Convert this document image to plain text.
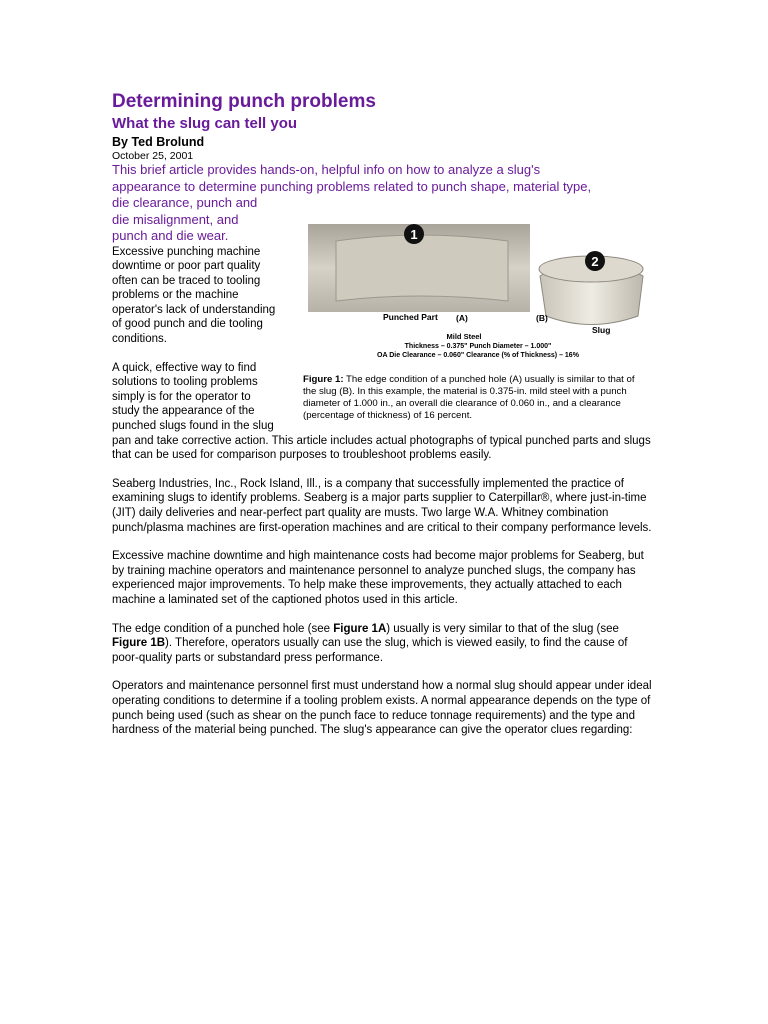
Determining punch problems
What the slug can tell you

By Ted Brolund

October 25, 2001

This brief article provides hands-on, helpful info on how to analyze a slug's
appearance to determine punching problems related to punch shape, material type,
die clearance, punch and
die misalignment, and
punch and die wear.
Excessive punching machine
downtime or poor part quality
often can be traced to tooling
problems or the machine
operator's lack of understanding
of good punch and die tooling
conditions.
A quick, effective way to find
solutions to tooling problems
simply is for the operator to
study the appearance of the
punched slugs found in the slug
pan and take corrective action. This article includes actual photographs of typical punched parts and slugs that can be used for comparison purposes to troubleshoot problems easily.

Seaberg Industries, Inc., Rock Island, Ill., is a company that successfully implemented the practice of examining slugs to identify problems. Seaberg is a major parts supplier to Caterpillar®, where just-in-time (JIT) daily deliveries and near-perfect part quality are musts. Two large W.A. Whitney combination punch/plasma machines are first-operation machines and are critical to their company performance levels.

Excessive machine downtime and high maintenance costs had become major problems for Seaberg, but by training machine operators and maintenance personnel to analyze punched slugs, the company has experienced major improvements. To help make these improvements, they actually attached to each machine a laminated set of the captioned photos used in this article.

The edge condition of a punched hole (see Figure 1A) usually is very similar to that of the slug (see Figure 1B). Therefore, operators usually can use the slug, which is viewed easily, to find the cause of poor-quality parts or substandard press performance.

Operators and maintenance personnel first must understand how a normal slug should appear under ideal operating conditions to determine if a tooling problem exists. A normal appearance depends on the type of punch being used (such as shear on the punch face to reduce tonnage requirements) and the type and hardness of the material being punched. The slug's appearance can give the operator clues regarding:

1
2
Punched Part (A)	(B)
Slug
Mild Steel
Thickness – 0.375" Punch Diameter – 1.000"
OA Die Clearance – 0.060" Clearance (% of Thickness) – 16%

Figure 1: The edge condition of a punched hole (A) usually is similar to that of the slug (B). In this example, the material is 0.375-in. mild steel with a punch diameter of 1.000 in., an overall die clearance of 0.060 in., and a clearance (percentage of thickness) of 16 percent.
